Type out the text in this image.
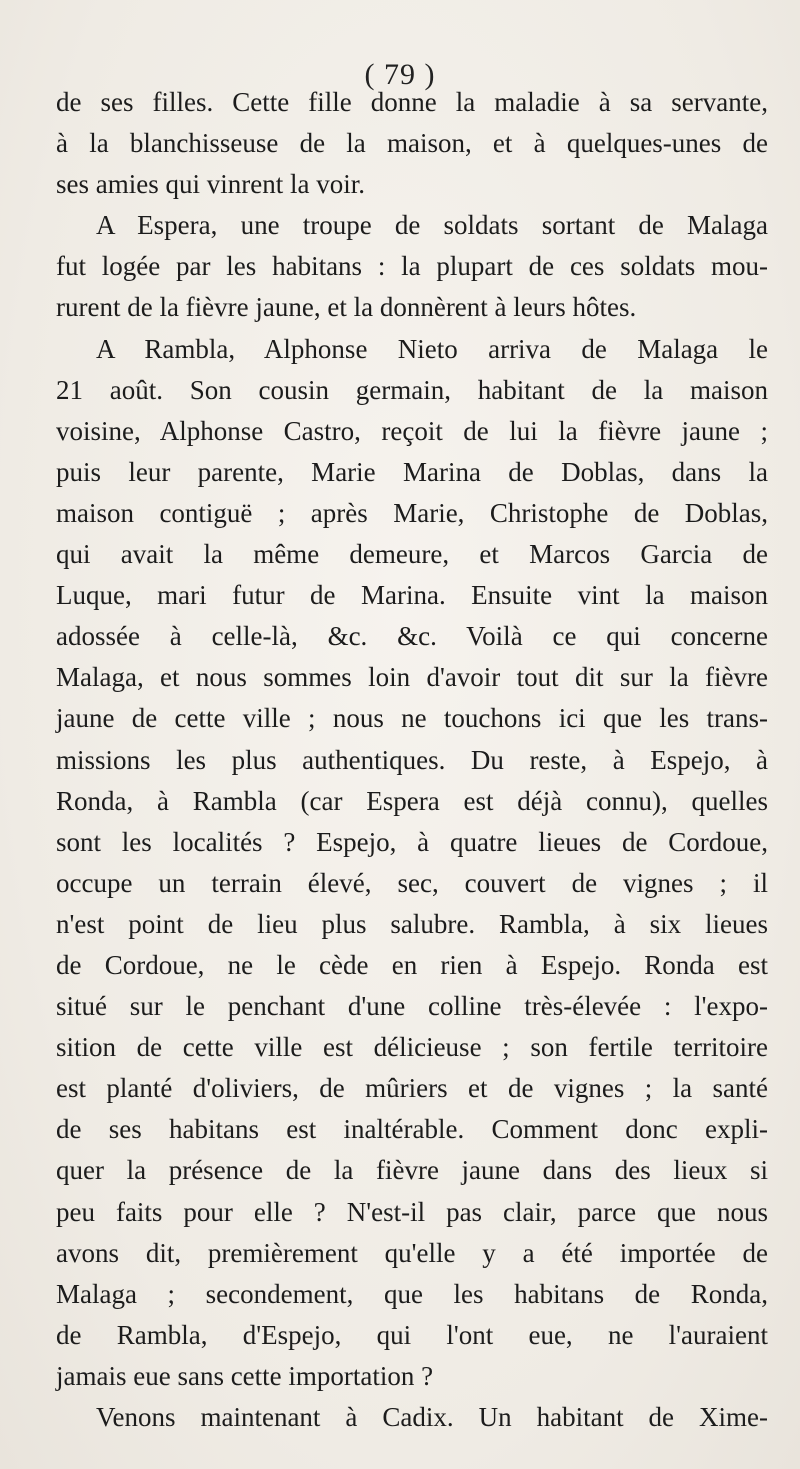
( 79 )
de ses filles. Cette fille donne la maladie à sa servante,
à la blanchisseuse de la maison, et à quelques-unes de
ses amies qui vinrent la voir.
A Espera, une troupe de soldats sortant de Malaga
fut logée par les habitans : la plupart de ces soldats mou-
rurent de la fièvre jaune, et la donnèrent à leurs hôtes.
A Rambla, Alphonse Nieto arriva de Malaga le
21 août. Son cousin germain, habitant de la maison
voisine, Alphonse Castro, reçoit de lui la fièvre jaune ;
puis leur parente, Marie Marina de Doblas, dans la
maison contiguë ; après Marie, Christophe de Doblas,
qui avait la même demeure, et Marcos Garcia de
Luque, mari futur de Marina. Ensuite vint la maison
adossée à celle-là, &c. &c. Voilà ce qui concerne
Malaga, et nous sommes loin d'avoir tout dit sur la fièvre
jaune de cette ville ; nous ne touchons ici que les trans-
missions les plus authentiques. Du reste, à Espejo, à
Ronda, à Rambla (car Espera est déjà connu), quelles
sont les localités ? Espejo, à quatre lieues de Cordoue,
occupe un terrain élevé, sec, couvert de vignes ; il
n'est point de lieu plus salubre. Rambla, à six lieues
de Cordoue, ne le cède en rien à Espejo. Ronda est
situé sur le penchant d'une colline très-élevée : l'expo-
sition de cette ville est délicieuse ; son fertile territoire
est planté d'oliviers, de mûriers et de vignes ; la santé
de ses habitans est inaltérable. Comment donc expli-
quer la présence de la fièvre jaune dans des lieux si
peu faits pour elle ? N'est-il pas clair, parce que nous
avons dit, premièrement qu'elle y a été importée de
Malaga ; secondement, que les habitans de Ronda,
de Rambla, d'Espejo, qui l'ont eue, ne l'auraient
jamais eue sans cette importation ?
Venons maintenant à Cadix. Un habitant de Xime-
